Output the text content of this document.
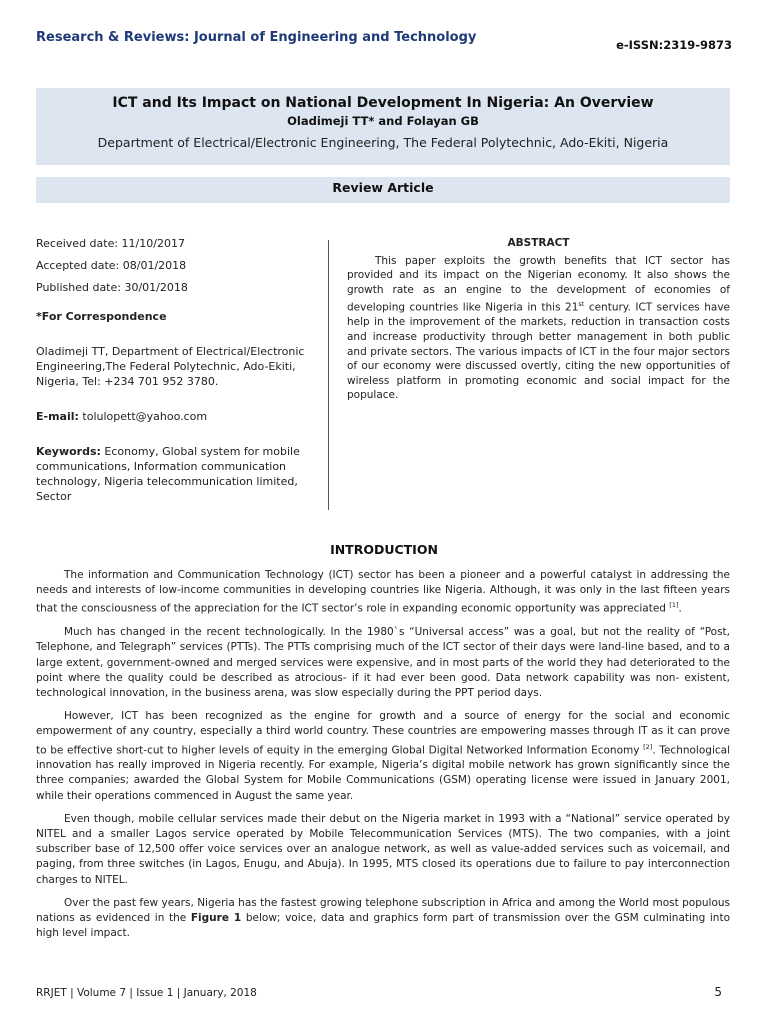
Research & Reviews: Journal of Engineering and Technology	e-ISSN:2319-9873
ICT and Its Impact on National Development In Nigeria: An Overview
Oladimeji TT* and Folayan GB
Department of Electrical/Electronic Engineering, The Federal Polytechnic, Ado-Ekiti, Nigeria
Review Article
Received date: 11/10/2017
Accepted date: 08/01/2018
Published date: 30/01/2018
*For Correspondence
Oladimeji TT, Department of Electrical/Electronic Engineering,The Federal Polytechnic, Ado-Ekiti, Nigeria, Tel: +234 701 952 3780.
E-mail: tolulopett@yahoo.com
Keywords: Economy, Global system for mobile communications, Information communication technology, Nigeria telecommunication limited, Sector
ABSTRACT
This paper exploits the growth benefits that ICT sector has provided and its impact on the Nigerian economy. It also shows the growth rate as an engine to the development of economies of developing countries like Nigeria in this 21st century. ICT services have help in the improvement of the markets, reduction in transaction costs and increase productivity through better management in both public and private sectors. The various impacts of ICT in the four major sectors of our economy were discussed overtly, citing the new opportunities of wireless platform in promoting economic and social impact for the populace.
INTRODUCTION

The information and Communication Technology (ICT) sector has been a pioneer and a powerful catalyst in addressing the needs and interests of low-income communities in developing countries like Nigeria. Although, it was only in the last fifteen years that the consciousness of the appreciation for the ICT sector’s role in expanding economic opportunity was appreciated [1].

Much has changed in the recent technologically. In the 1980`s “Universal access” was a goal, but not the reality of “Post, Telephone, and Telegraph” services (PTTs). The PTTs comprising much of the ICT sector of their days were land-line based, and to a large extent, government-owned and merged services were expensive, and in most parts of the world they had deteriorated to the point where the quality could be described as atrocious- if it had ever been good. Data network capability was non- existent, technological innovation, in the business arena, was slow especially during the PPT period days.

However, ICT has been recognized as the engine for growth and a source of energy for the social and economic empowerment of any country, especially a third world country. These countries are empowering masses through IT as it can prove to be effective short-cut to higher levels of equity in the emerging Global Digital Networked Information Economy [2]. Technological innovation has really improved in Nigeria recently. For example, Nigeria’s digital mobile network has grown significantly since the three companies; awarded the Global System for Mobile Communications (GSM) operating license were issued in January 2001, while their operations commenced in August the same year.

Even though, mobile cellular services made their debut on the Nigeria market in 1993 with a “National” service operated by NITEL and a smaller Lagos service operated by Mobile Telecommunication Services (MTS). The two companies, with a joint subscriber base of 12,500 offer voice services over an analogue network, as well as value-added services such as voicemail, and paging, from three switches (in Lagos, Enugu, and Abuja). In 1995, MTS closed its operations due to failure to pay interconnection charges to NITEL.

Over the past few years, Nigeria has the fastest growing telephone subscription in Africa and among the World most populous nations as evidenced in the Figure 1 below; voice, data and graphics form part of transmission over the GSM culminating into high level impact.

RRJET | Volume 7 | Issue 1 | January, 2018	5
